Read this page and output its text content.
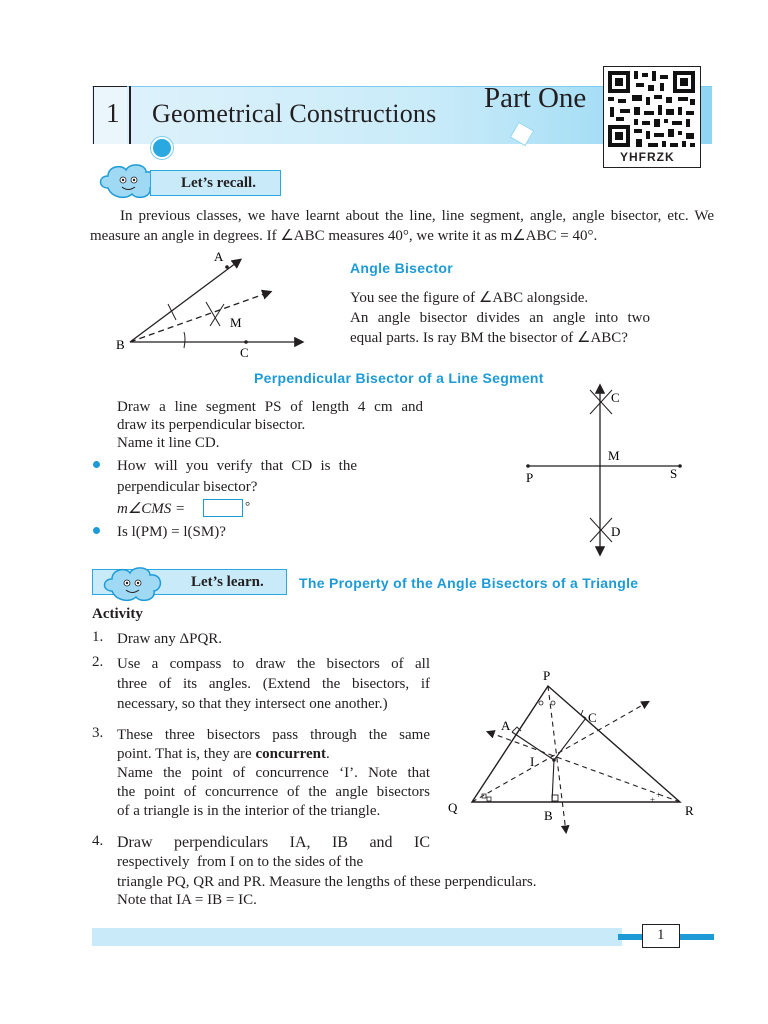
1 Geometrical Constructions Part One
YHFRZK
Let’s recall.
In previous classes, we have learnt about the line, line segment, angle, angle bisector, etc. We measure an angle in degrees. If ∠ABC measures 40°, we write it as m∠ABC = 40°.
A
B
C
M
Angle Bisector
You see the figure of ∠ABC alongside.
An angle bisector divides an angle into two
equal parts. Is ray BM the bisector of ∠ABC?
Perpendicular Bisector of a Line Segment
Draw a line segment PS of length 4 cm and
draw its perpendicular bisector.
Name it line CD.
How will you verify that CD is the
perpendicular bisector?
m∠CMS =	°
Is l(PM) = l(SM)?
C
M
P	S
D
Let’s learn.	The Property of the Angle Bisectors of a Triangle
Activity
1. Draw any ΔPQR.
2. Use a compass to draw the bisectors of all
three of its angles. (Extend the bisectors, if
necessary, so that they intersect one another.)
3. These three bisectors pass through the same
point. That is, they are concurrent.
Name the point of concurrence ‘I’. Note that
the point of concurrence of the angle bisectors
of a triangle is in the interior of the triangle.
4. Draw perpendiculars IA, IB and IC
respectively  from I on to the sides of the
triangle PQ, QR and PR. Measure the lengths of these perpendiculars.
Note that IA = IB = IC.
+
+
P
Q	R
A
B
C
I
1
